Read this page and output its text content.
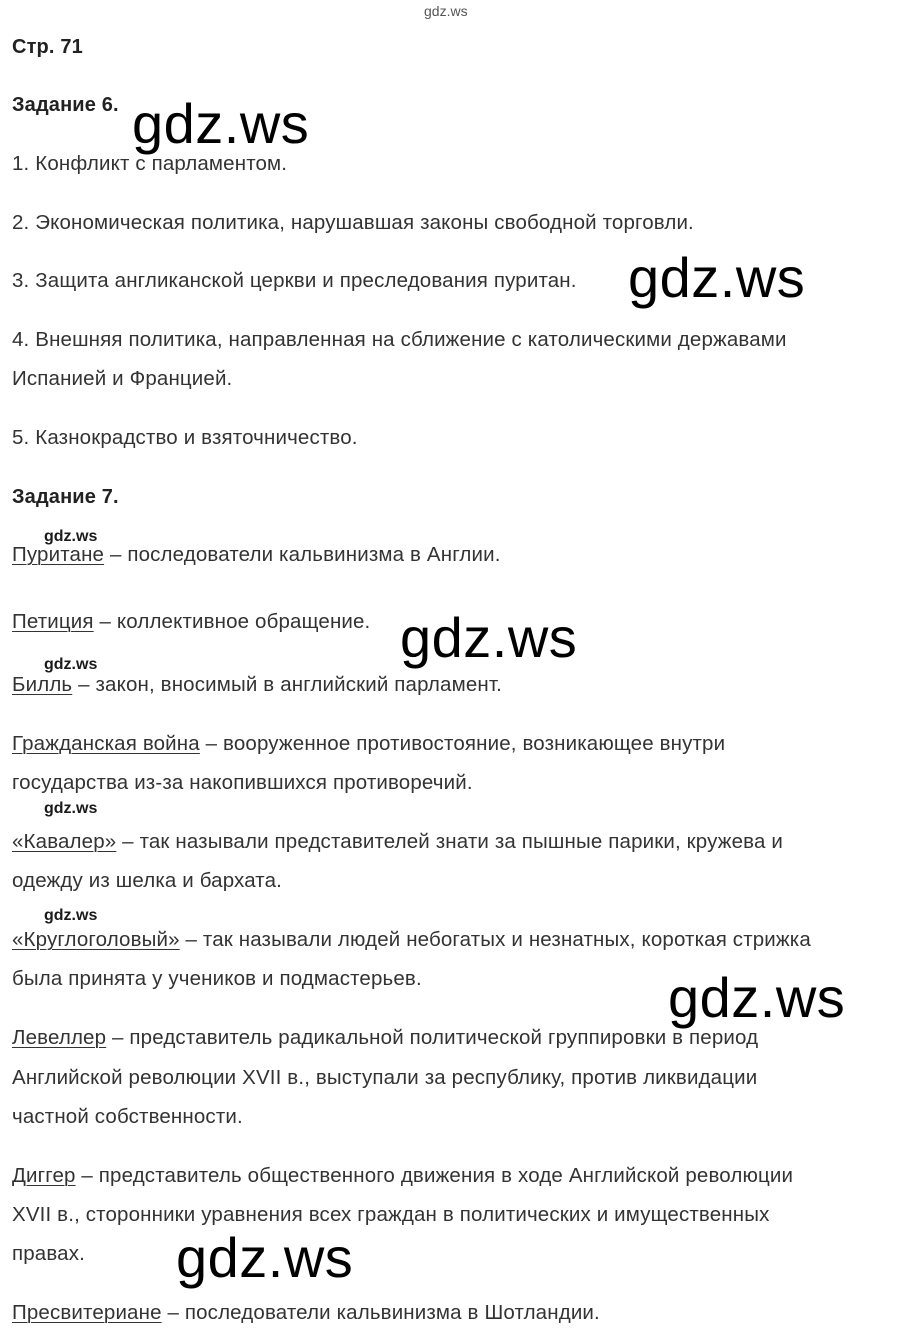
gdz.ws
Стр. 71
Задание 6.
1. Конфликт с парламентом.
2. Экономическая политика, нарушавшая законы свободной торговли.
3. Защита англиканской церкви и преследования пуритан.
4. Внешняя политика, направленная на сближение с католическими державами
Испанией и Францией.
5. Казнокрадство и взяточничество.
Задание 7.
Пуритане – последователи кальвинизма в Англии.
Петиция – коллективное обращение.
Билль – закон, вносимый в английский парламент.
Гражданская война – вооруженное противостояние, возникающее внутри
государства из-за накопившихся противоречий.
«Кавалер» – так называли представителей знати за пышные парики, кружева и
одежду из шелка и бархата.
«Круглоголовый» – так называли людей небогатых и незнатных, короткая стрижка
была принята у учеников и подмастерьев.
Левеллер – представитель радикальной политической группировки в период
Английской революции XVII в., выступали за республику, против ликвидации
частной собственности.
Диггер – представитель общественного движения в ходе Английской революции
XVII в., сторонники уравнения всех граждан в политических и имущественных
правах.
Пресвитериане – последователи кальвинизма в Шотландии.
gdz.ws
gdz.ws
gdz.ws
gdz.ws
gdz.ws
gdz.ws
gdz.ws
gdz.ws
gdz.ws
